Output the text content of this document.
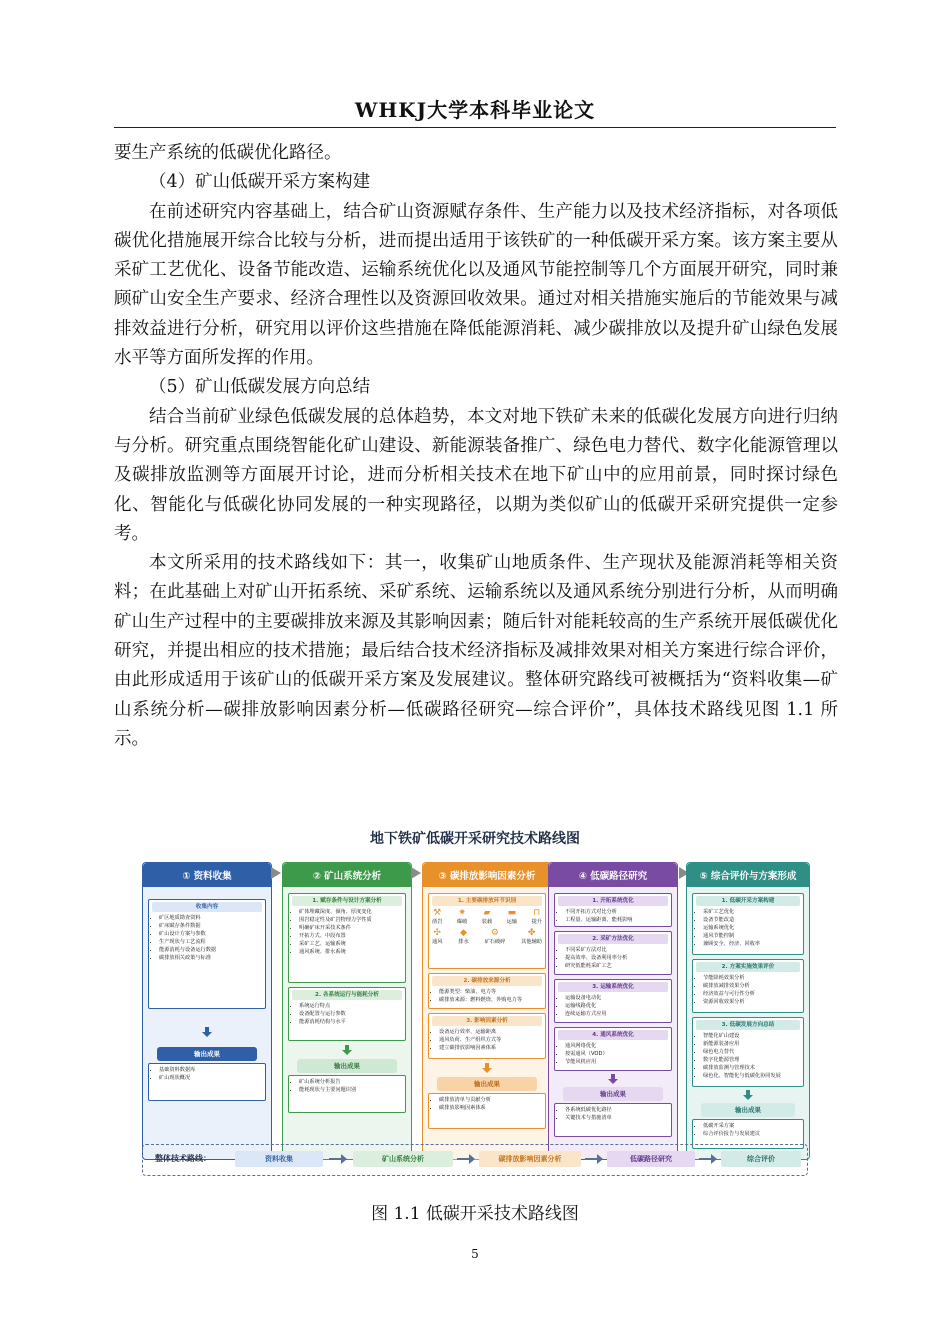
WHKJ大学本科毕业论文

要生产系统的低碳优化路径。

（4）矿山低碳开采方案构建

在前述研究内容基础上，结合矿山资源赋存条件、生产能力以及技术经济指标，对各项低碳优化措施展开综合比较与分析，进而提出适用于该铁矿的一种低碳开采方案。该方案主要从采矿工艺优化、设备节能改造、运输系统优化以及通风节能控制等几个方面展开研究，同时兼顾矿山安全生产要求、经济合理性以及资源回收效果。通过对相关措施实施后的节能效果与减排效益进行分析，研究用以评价这些措施在降低能源消耗、减少碳排放以及提升矿山绿色发展水平等方面所发挥的作用。

（5）矿山低碳发展方向总结

结合当前矿业绿色低碳发展的总体趋势，本文对地下铁矿未来的低碳化发展方向进行归纳与分析。研究重点围绕智能化矿山建设、新能源装备推广、绿色电力替代、数字化能源管理以及碳排放监测等方面展开讨论，进而分析相关技术在地下矿山中的应用前景，同时探讨绿色化、智能化与低碳化协同发展的一种实现路径，以期为类似矿山的低碳开采研究提供一定参考。

本文所采用的技术路线如下：其一，收集矿山地质条件、生产现状及能源消耗等相关资料；在此基础上对矿山开拓系统、采矿系统、运输系统以及通风系统分别进行分析，从而明确矿山生产过程中的主要碳排放来源及其影响因素；随后针对能耗较高的生产系统开展低碳优化研究，并提出相应的技术措施；最后结合技术经济指标及减排效果对相关方案进行综合评价，由此形成适用于该矿山的低碳开采方案及发展建议。整体研究路线可被概括为“资料收集—矿山系统分析—碳排放影响因素分析—低碳路径研究—综合评价”，具体技术路线见图 1.1 所示。

地下铁矿低碳开采研究技术路线图
① 资料收集
收集内容
• 矿区地质勘查资料
• 矿床赋存条件数据
• 矿山设计方案与参数
• 生产现状与工艺流程
• 能源消耗与设备运行数据
• 碳排放相关政策与标准
输出成果
• 基础资料数据库
• 矿山现状概况
② 矿山系统分析
1. 赋存条件与设计方案分析
• 矿体埋藏深度、倾角、厚度变化
• 围岩稳定性及矿岩物理力学性质
• 明确矿床开采技术条件
• 开拓方式、中段布置
• 采矿工艺、运输系统
• 通风系统、排水系统
2. 各系统运行与能耗分析
• 系统运行特点
• 设备配置与运行参数
• 能源消耗结构与水平
输出成果
• 矿山系统分析报告
• 能耗现状与主要问题识别
③ 碳排放影响因素分析
1. 主要碳排放环节识别
⚒
凿岩
✷
爆破
▰
装载
▬
运输
⊓
提升
✣
通风
◆
排水
⚙
矿石破碎
✤
其他辅助
2. 碳排放来源分析
• 能源类型：柴油、电力等
• 碳排放来源：燃料燃烧、外购电力等
3. 影响因素分析
• 设备运行效率、运输距离
• 通风负荷、生产组织方式等
• 建立碳排放影响因素体系
输出成果
• 碳排放清单与贡献分析
• 碳排放影响因素体系
④ 低碳路径研究
1. 开拓系统优化
• 不同开拓方式对比分析
• 工程量、运输距离、能耗影响
2. 采矿方法优化
• 不同采矿方法对比
• 提高效率、设备利用率分析
• 研究低能耗采矿工艺
3. 运输系统优化
• 运输设备电动化
• 运输线路优化
• 连续运输方式应用
4. 通风系统优化
• 通风网络优化
• 按需通风（VOD）
• 节能风机应用
输出成果
• 各系统低碳优化路径
• 关键技术与措施清单
⑤ 综合评价与方案形成
1. 低碳开采方案构建
• 采矿工艺优化
• 设备节能改造
• 运输系统优化
• 通风节能控制
• 兼顾安全、经济、回收率
2. 方案实施效果评价
• 节能降耗效果分析
• 碳排放减排效果分析
• 经济效益与可行性分析
• 资源回收效果分析
3. 低碳发展方向总结
• 智能化矿山建设
• 新能源装备应用
• 绿色电力替代
• 数字化能源管理
• 碳排放监测与管理技术
• 绿色化、智能化与低碳化协同发展
输出成果
• 低碳开采方案
• 综合评价报告与发展建议
整体技术路线：	资料收集	矿山系统分析	碳排放影响因素分析	低碳路径研究	综合评价
图 1.1 低碳开采技术路线图
5
